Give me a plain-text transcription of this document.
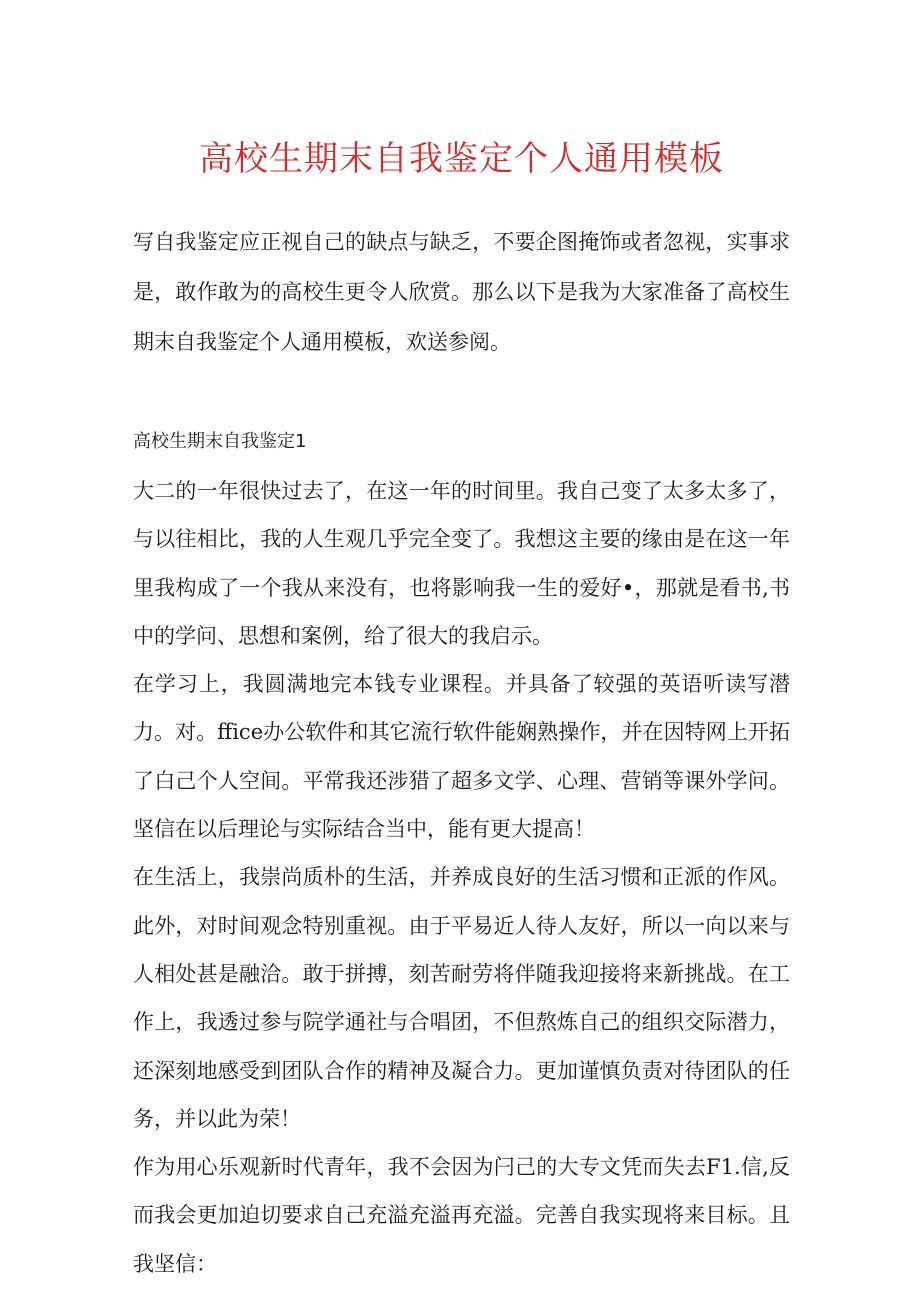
高校生期末自我鉴定个人通用模板

写自我鉴定应正视自己的缺点与缺乏，不要企图掩饰或者忽视，实事求是，敢作敢为的高校生更令人欣赏。那么以下是我为大家准备了高校生期末自我鉴定个人通用模板，欢送参阅。

高校生期末自我鉴定1

大二的一年很快过去了，在这一年的时间里。我自己变了太多太多了，与以往相比，我的人生观几乎完全变了。我想这主要的缘由是在这一年里我构成了一个我从来没有，也将影响我一生的爱好•，那就是看书,书中的学问、思想和案例，给了很大的我启示。

在学习上，我圆满地完本钱专业课程。并具备了较强的英语听读写潜力。对。ffice办公软件和其它流行软件能娴熟操作，并在因特网上开拓了白己个人空间。平常我还涉猎了超多文学、心理、营销等课外学问。坚信在以后理论与实际结合当中，能有更大提高！

在生活上，我崇尚质朴的生活，并养成良好的生活习惯和正派的作风。此外，对时间观念特别重视。由于平易近人待人友好，所以一向以来与人相处甚是融洽。敢于拼搏，刻苦耐劳将伴随我迎接将来新挑战。在工作上，我透过参与院学通社与合唱团，不但熬炼自己的组织交际潜力，还深刻地感受到团队合作的精神及凝合力。更加谨慎负责对待团队的任务，并以此为荣！

作为用心乐观新时代青年，我不会因为闩己的大专文凭而失去F1.信,反而我会更加迫切要求自己充溢充溢再充溢。完善自我实现将来目标。且我坚信：
